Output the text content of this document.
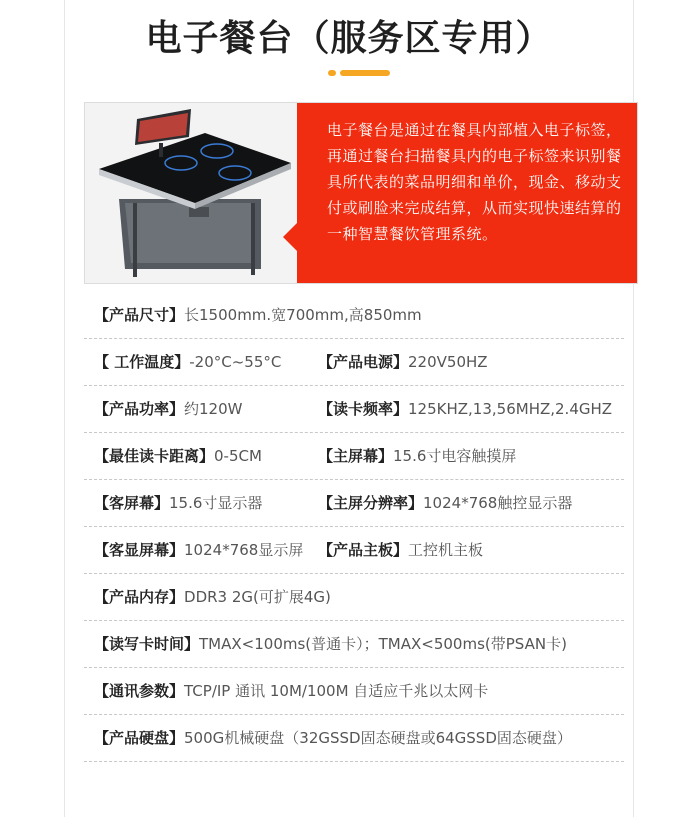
电子餐台（服务区专用）
电子餐台是通过在餐具内部植入电子标签，再通过餐台扫描餐具内的电子标签来识别餐具所代表的菜品明细和单价，现金、移动支付或刷脸来完成结算，从而实现快速结算的一种智慧餐饮管理系统。
【产品尺寸】长1500mm.宽700mm,高850mm
【 工作温度】-20°C~55°C 【产品电源】220V50HZ
【产品功率】约120W	【读卡频率】125KHZ,13,56MHZ,2.4GHZ
【最佳读卡距离】0-5CM	【主屏幕】15.6寸电容触摸屏
【客屏幕】15.6寸显示器	【主屏分辨率】1024*768触控显示器
【客显屏幕】1024*768显示屏 【产品主板】工控机主板
【产品内存】DDR3 2G(可扩展4G)
【读写卡时间】TMAX<100ms(普通卡）；TMAX<500ms(带PSAN卡)
【通讯参数】TCP/IP 通讯 10M/100M 自适应千兆以太网卡
【产品硬盘】500G机械硬盘（32GSSD固态硬盘或64GSSD固态硬盘）
